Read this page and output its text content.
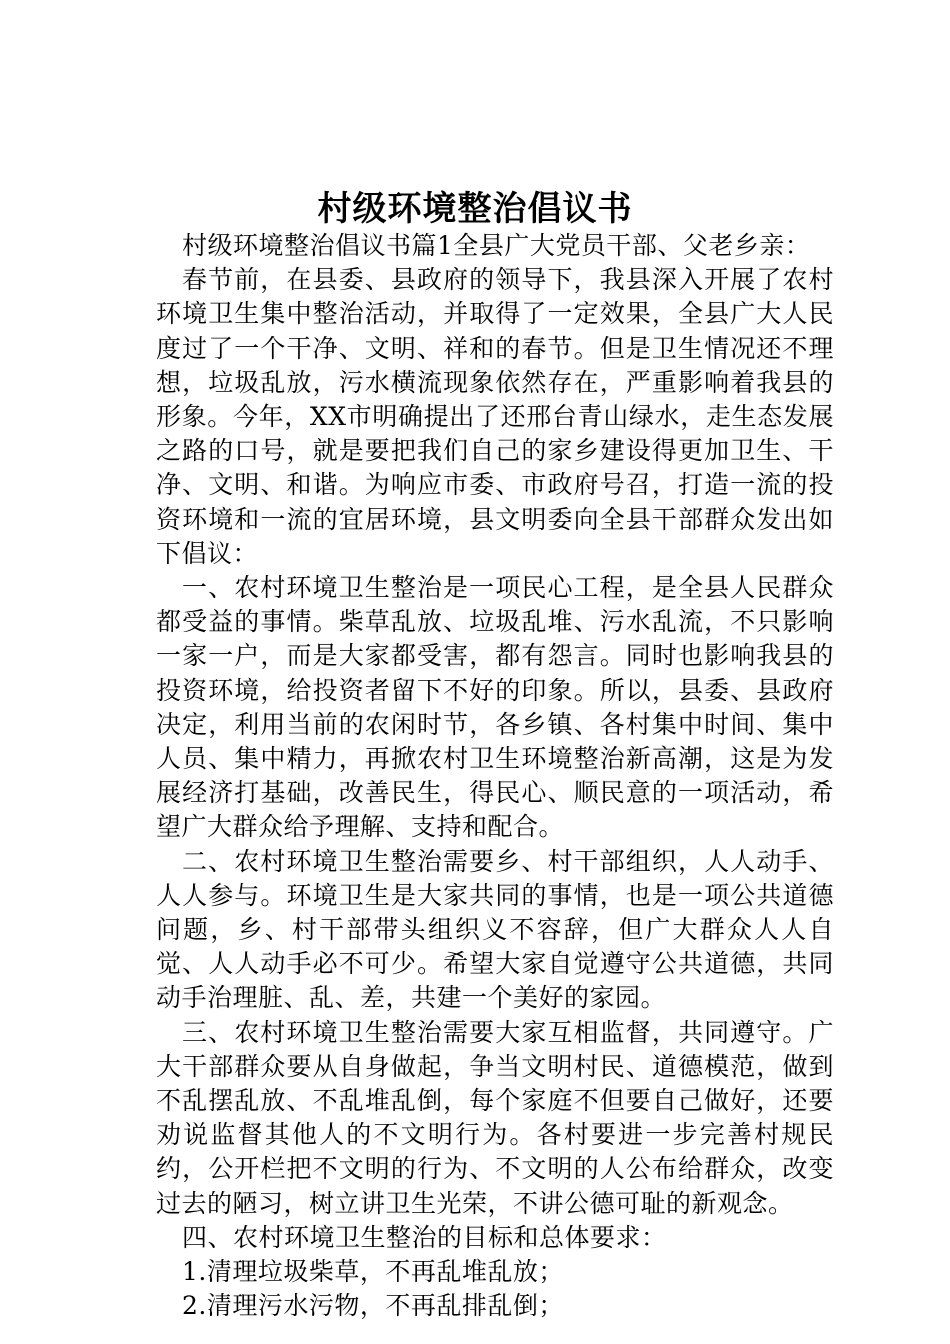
村级环境整治倡议书

村级环境整治倡议书篇1全县广大党员干部、父老乡亲：

春节前，在县委、县政府的领导下，我县深入开展了农村环境卫生集中整治活动，并取得了一定效果，全县广大人民度过了一个干净、文明、祥和的春节。但是卫生情况还不理想，垃圾乱放，污水横流现象依然存在，严重影响着我县的形象。今年，XX市明确提出了还邢台青山绿水，走生态发展之路的口号，就是要把我们自己的家乡建设得更加卫生、干净、文明、和谐。为响应市委、市政府号召，打造一流的投资环境和一流的宜居环境，县文明委向全县干部群众发出如下倡议：

一、农村环境卫生整治是一项民心工程，是全县人民群众都受益的事情。柴草乱放、垃圾乱堆、污水乱流，不只影响一家一户，而是大家都受害，都有怨言。同时也影响我县的投资环境，给投资者留下不好的印象。所以，县委、县政府决定，利用当前的农闲时节，各乡镇、各村集中时间、集中人员、集中精力，再掀农村卫生环境整治新高潮，这是为发展经济打基础，改善民生，得民心、顺民意的一项活动，希望广大群众给予理解、支持和配合。

二、农村环境卫生整治需要乡、村干部组织，人人动手、人人参与。环境卫生是大家共同的事情，也是一项公共道德问题，乡、村干部带头组织义不容辞，但广大群众人人自觉、人人动手必不可少。希望大家自觉遵守公共道德，共同动手治理脏、乱、差，共建一个美好的家园。

三、农村环境卫生整治需要大家互相监督，共同遵守。广大干部群众要从自身做起，争当文明村民、道德模范，做到不乱摆乱放、不乱堆乱倒，每个家庭不但要自己做好，还要劝说监督其他人的不文明行为。各村要进一步完善村规民约，公开栏把不文明的行为、不文明的人公布给群众，改变过去的陋习，树立讲卫生光荣，不讲公德可耻的新观念。

四、农村环境卫生整治的目标和总体要求：

1.清理垃圾柴草，不再乱堆乱放；

2.清理污水污物，不再乱排乱倒；
